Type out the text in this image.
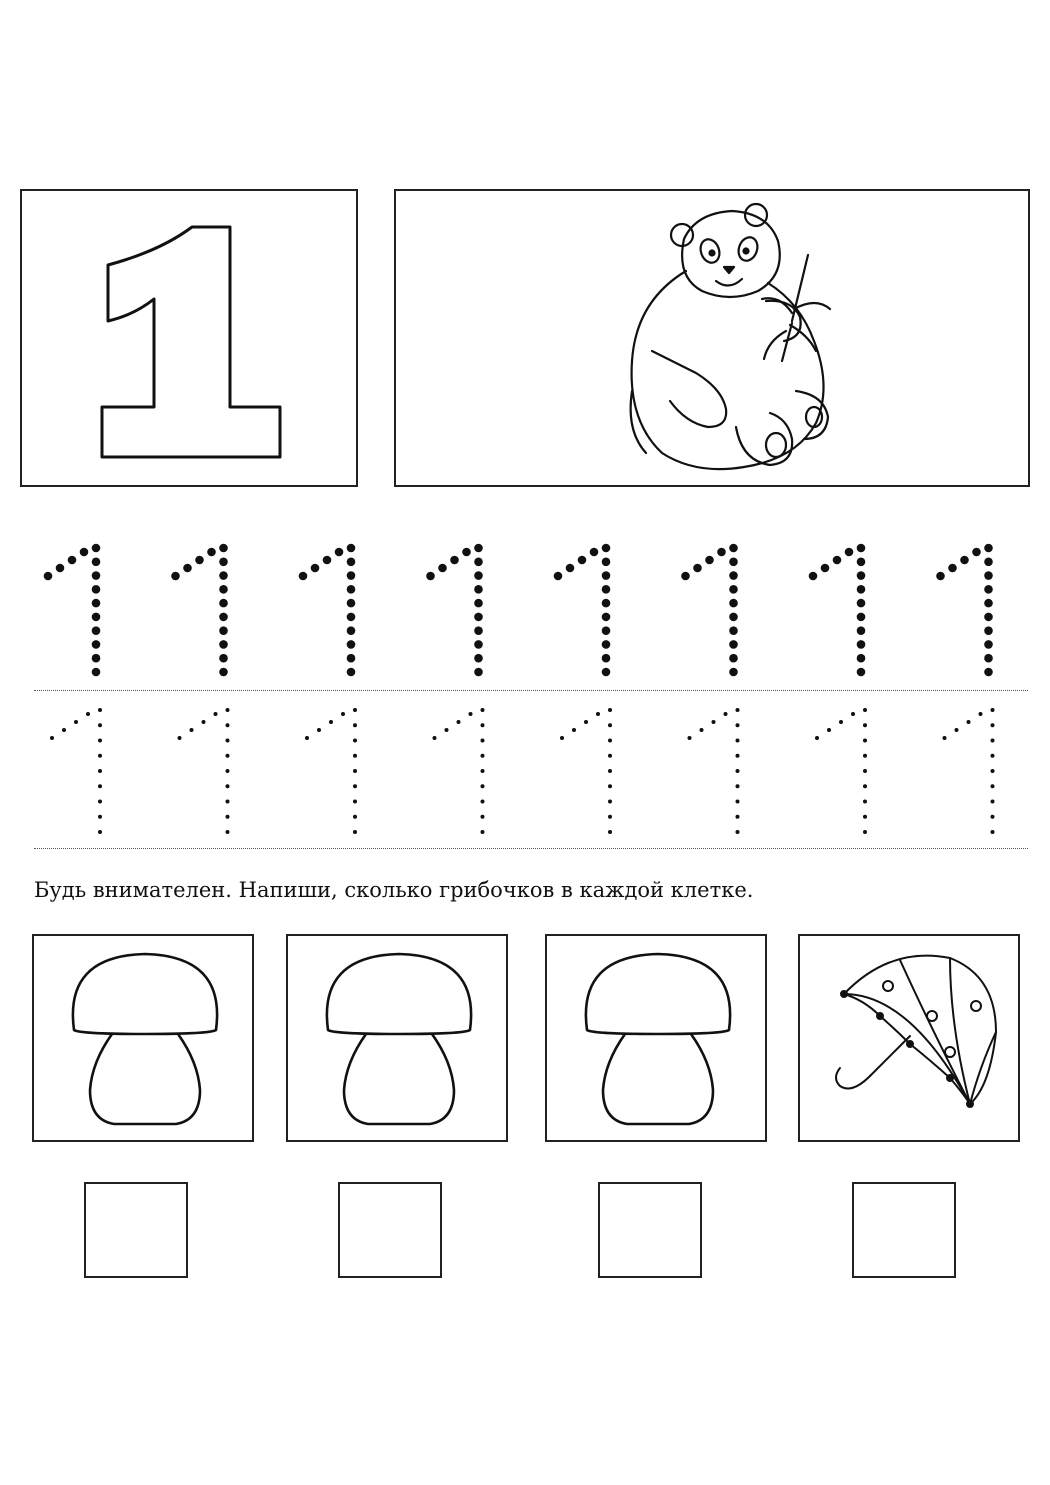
Будь внимателен. Напиши, сколько грибочков в каждой клетке.
